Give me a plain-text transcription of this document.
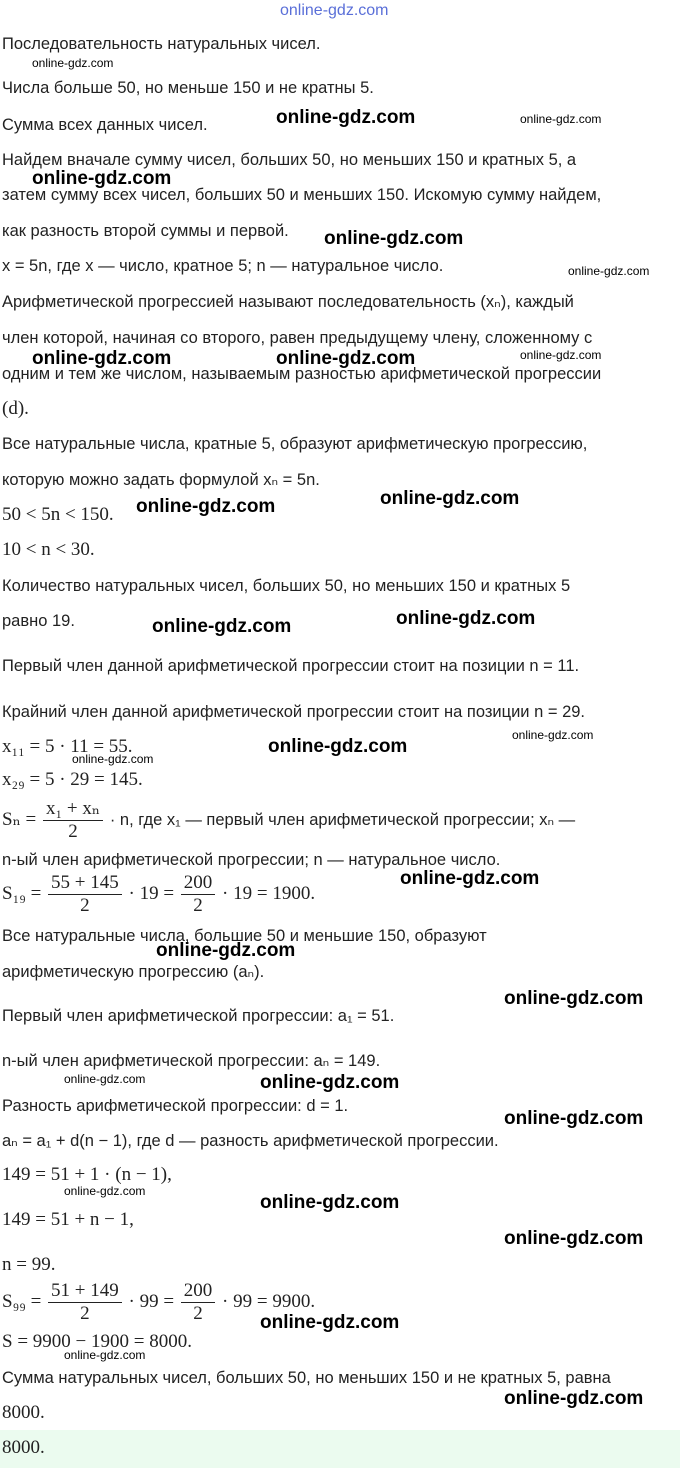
8000.
Последовательность натуральных чисел.
Числа больше 50, но меньше 150 и не кратны 5.
Сумма всех данных чисел.
Найдем вначале сумму чисел, больших 50, но меньших 150 и кратных 5, а
затем сумму всех чисел, больших 50 и меньших 150. Искомую сумму найдем,
как разность второй суммы и первой.
x = 5n, где x — число, кратное 5; n — натуральное число.
Арифметической прогрессией называют последовательность (xₙ), каждый
член которой, начиная со второго, равен предыдущему члену, сложенному с
одним и тем же числом, называемым разностью арифметической прогрессии
(d).
Все натуральные числа, кратные 5, образуют арифметическую прогрессию,
которую можно задать формулой xₙ = 5n.
50 < 5n < 150.
10 < n < 30.
Количество натуральных чисел, больших 50, но меньших 150 и кратных 5
равно 19.
Первый член данной арифметической прогрессии стоит на позиции n = 11.
Крайний член данной арифметической прогрессии стоит на позиции n = 29.
x₁₁ = 5 · 11 = 55.
x₂₉ = 5 · 29 = 145.
$S_n = \frac{\text{x₁ + xₙ}}{2} \cdot n$, где x₁ — первый член арифметической прогрессии; xₙ —
n-ый член арифметической прогрессии; n — натуральное число.
$S_{19} = \frac{55 + 145}{2} \cdot 19 = \frac{200}{2} \cdot 19 = 1900$.
Все натуральные числа, большие 50 и меньшие 150, образуют
арифметическую прогрессию (aₙ).
Первый член арифметической прогрессии: a₁ = 51.
n-ый член арифметической прогрессии: aₙ = 149.
Разность арифметической прогрессии: d = 1.
aₙ = a₁ + d(n − 1), где d — разность арифметической прогрессии.
149 = 51 + 1 · (n − 1),
149 = 51 + n − 1,
n = 99.
$S_{99} = \frac{51 + 149}{2} \cdot 99 = \frac{200}{2} \cdot 99 = 9900$.
S = 9900 − 1900 = 8000.
Сумма натуральных чисел, больших 50, но меньших 150 и не кратных 5, равна
8000.
online-gdz.com
online-gdz.com
online-gdz.com	online-gdz.com
online-gdz.com
online-gdz.com
online-gdz.com
online-gdz.com	online-gdz.com	online-gdz.com
online-gdz.com
online-gdz.com
online-gdz.com
online-gdz.com
online-gdz.com
online-gdz.com
online-gdz.com
online-gdz.com
online-gdz.com
online-gdz.com
online-gdz.com	online-gdz.com
online-gdz.com
online-gdz.com
online-gdz.com
online-gdz.com
online-gdz.com
online-gdz.com
online-gdz.com
